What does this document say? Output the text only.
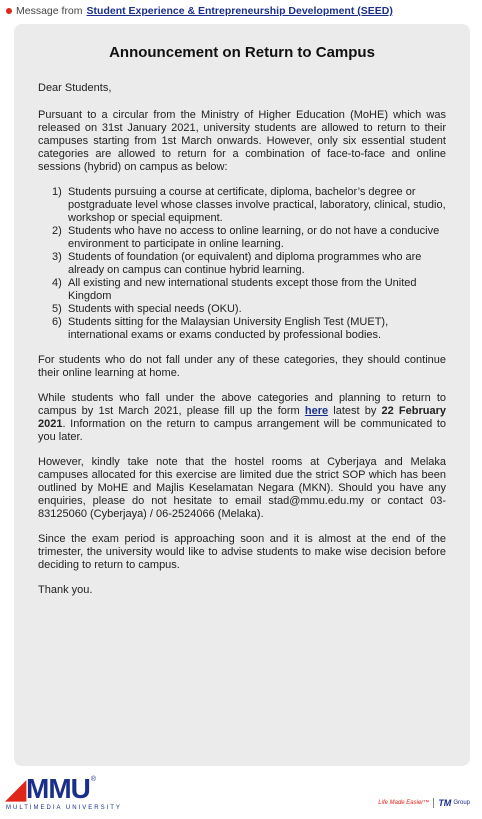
Message from Student Experience & Entrepreneurship Development (SEED)
Announcement on Return to Campus

Dear Students,

Pursuant to a circular from the Ministry of Higher Education (MoHE) which was released on 31st January 2021, university students are allowed to return to their campuses starting from 1st March onwards. However, only six essential student categories are allowed to return for a combination of face-to-face and online sessions (hybrid) on campus as below:

1) Students pursuing a course at certificate, diploma, bachelor’s degree or postgraduate level whose classes involve practical, laboratory, clinical, studio, workshop or special equipment.
2) Students who have no access to online learning, or do not have a conducive environment to participate in online learning.
3) Students of foundation (or equivalent) and diploma programmes who are already on campus can continue hybrid learning.
4) All existing and new international students except those from the United Kingdom
5) Students with special needs (OKU).
6) Students sitting for the Malaysian University English Test (MUET), international exams or exams conducted by professional bodies.

For students who do not fall under any of these categories, they should continue their online learning at home.

While students who fall under the above categories and planning to return to campus by 1st March 2021, please fill up the form here latest by 22 February 2021. Information on the return to campus arrangement will be communicated to you later.

However, kindly take note that the hostel rooms at Cyberjaya and Melaka campuses allocated for this exercise are limited due the strict SOP which has been outlined by MoHE and Majlis Keselamatan Negara (MKN). Should you have any enquiries, please do not hesitate to email stad@mmu.edu.my or contact 03-83125060 (Cyberjaya) / 06-2524066 (Melaka).

Since the exam period is approaching soon and it is almost at the end of the trimester, the university would like to advise students to make wise decision before deciding to return to campus.

Thank you.

◢ MMU ®
MULTIMEDIA UNIVERSITY
Life Made Easier™ TM Group
